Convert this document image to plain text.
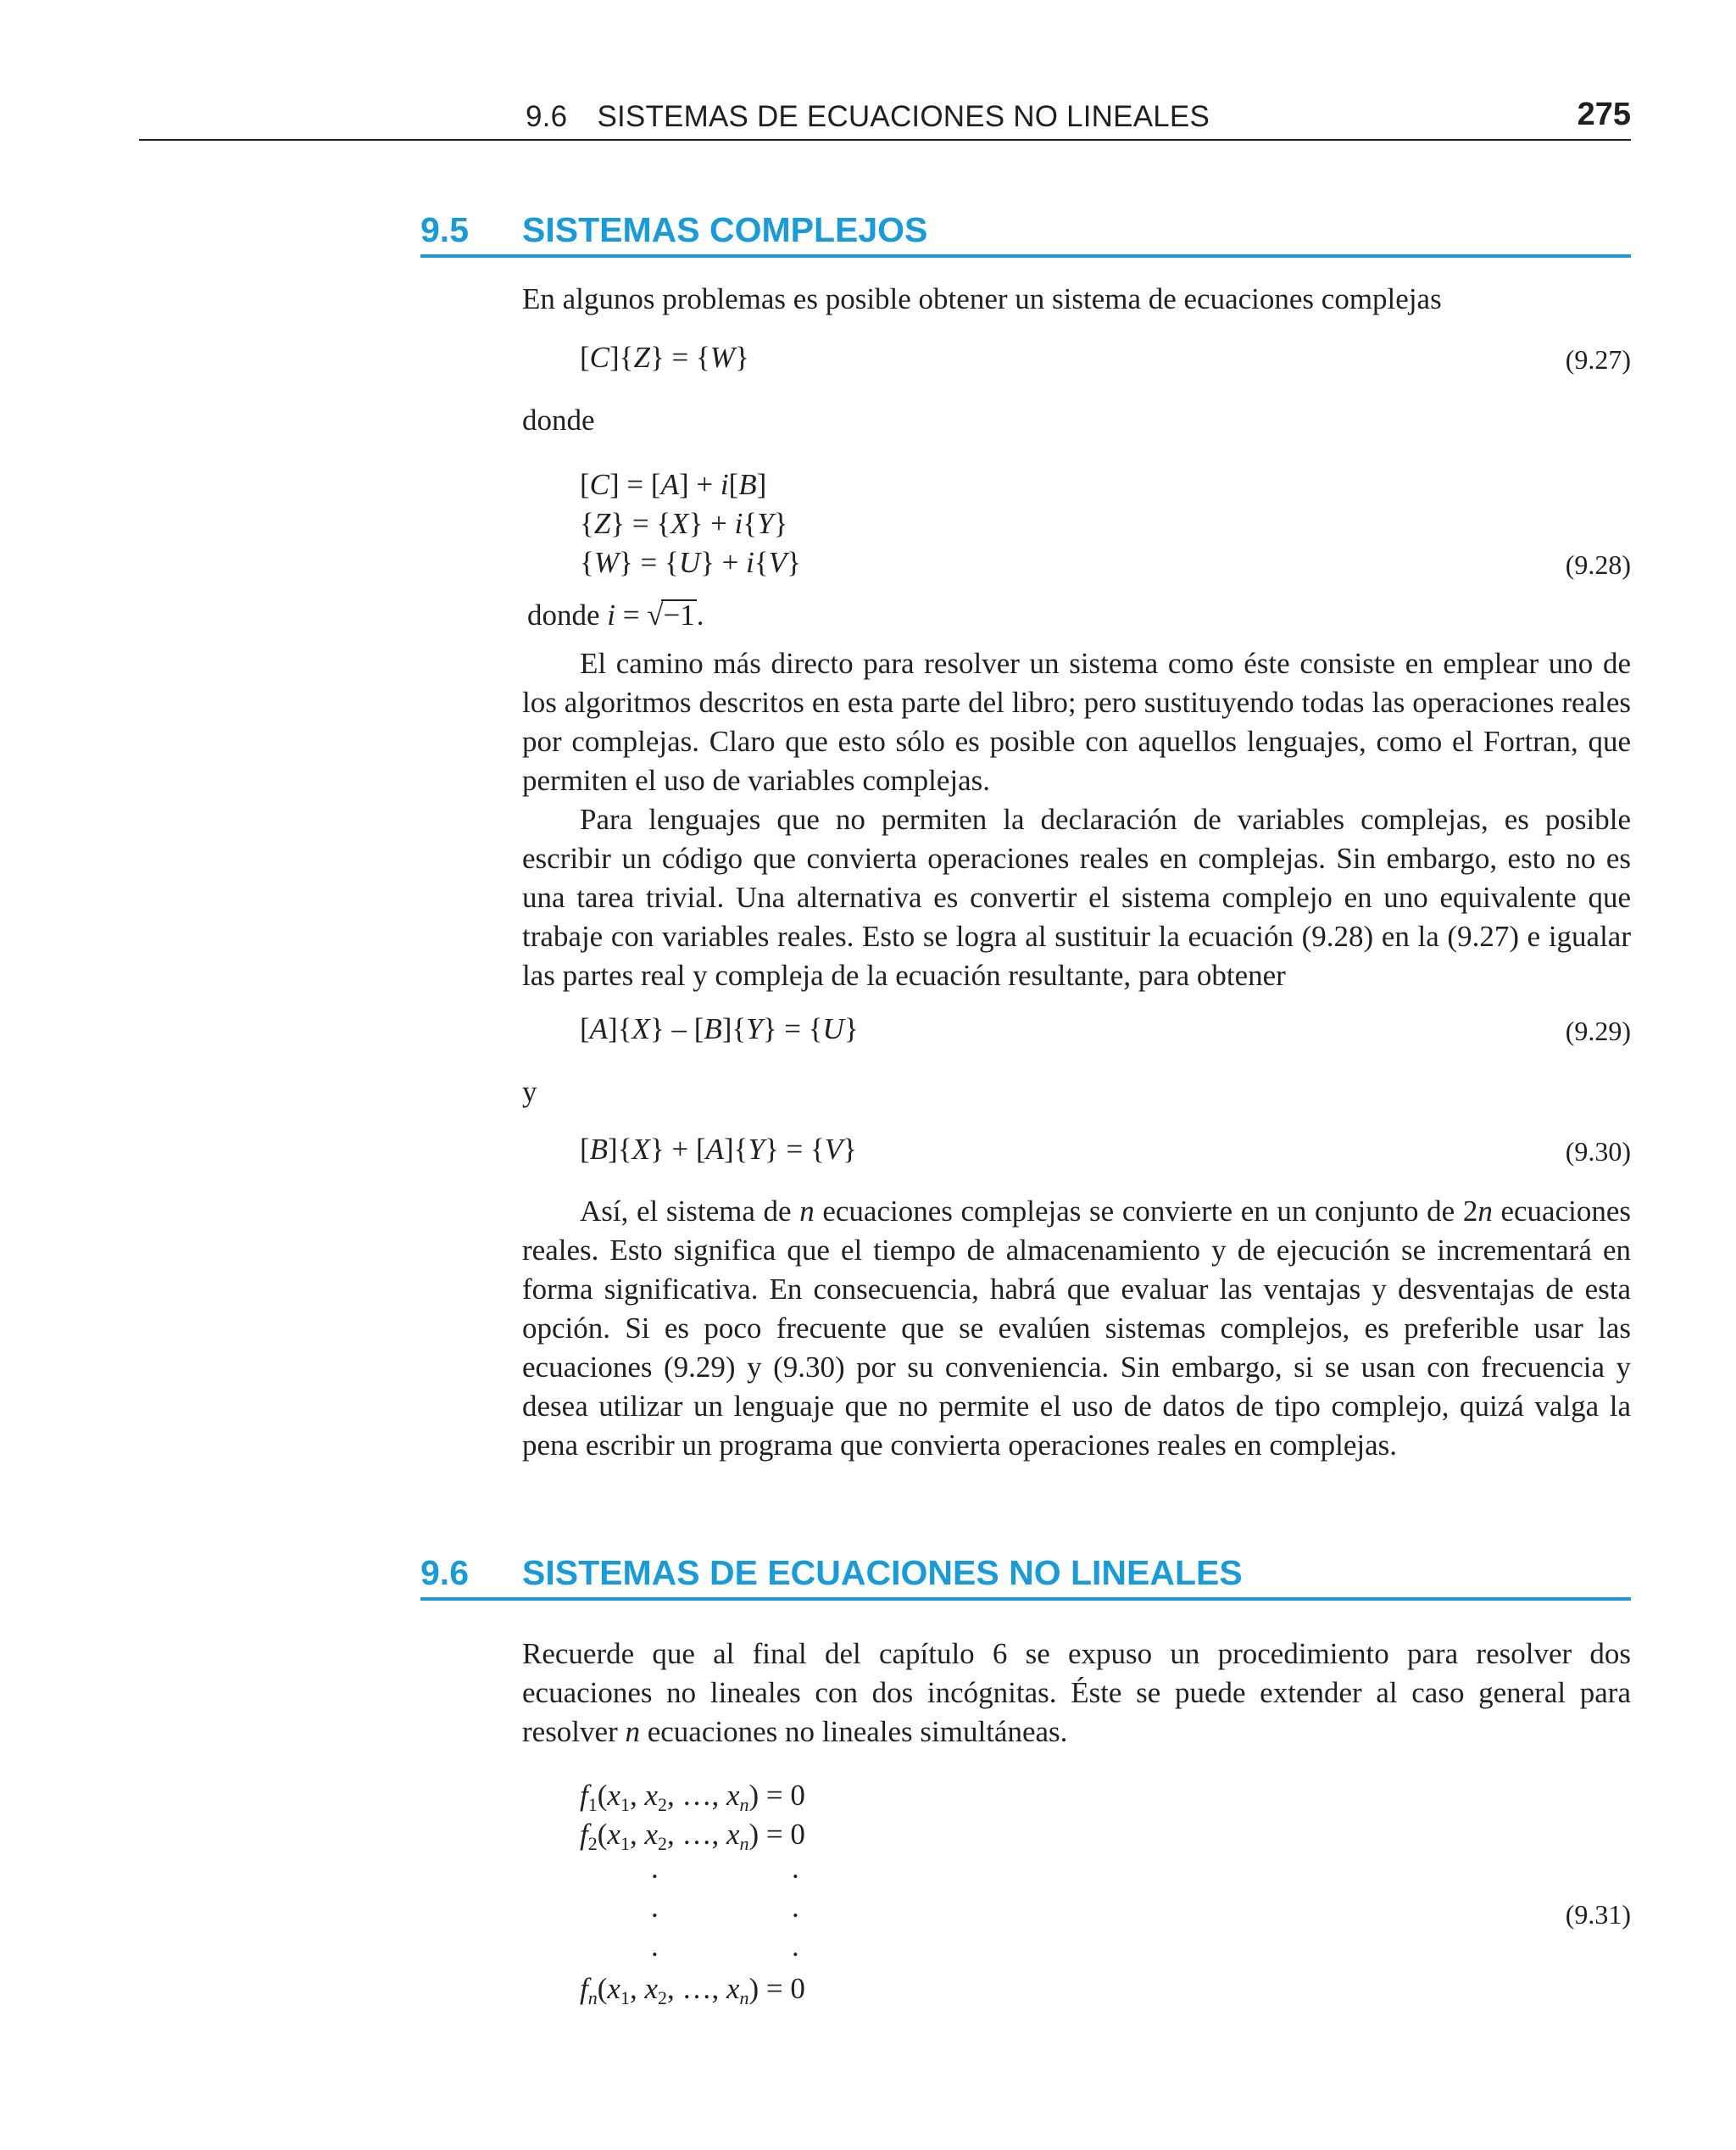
9.6 SISTEMAS DE ECUACIONES NO LINEALES	275
9.5 SISTEMAS COMPLEJOS

En algunos problemas es posible obtener un sistema de ecuaciones complejas

[C]{Z} = {W}	(9.27)
donde
[C] = [A] + i[B]
{Z} = {X} + i{Y}
{W} = {U} + i{V}	(9.28)
donde i = √−1.

El camino más directo para resolver un sistema como éste consiste en emplear uno de los algoritmos descritos en esta parte del libro; pero sustituyendo todas las operaciones reales por complejas. Claro que esto sólo es posible con aquellos lenguajes, como el Fortran, que permiten el uso de variables complejas.

Para lenguajes que no permiten la declaración de variables complejas, es posible escribir un código que convierta operaciones reales en complejas. Sin embargo, esto no es una tarea trivial. Una alternativa es convertir el sistema complejo en uno equivalente que trabaje con variables reales. Esto se logra al sustituir la ecuación (9.28) en la (9.27) e igualar las partes real y compleja de la ecuación resultante, para obtener

[A]{X} – [B]{Y} = {U}	(9.29)
y
[B]{X} + [A]{Y} = {V}	(9.30)

Así, el sistema de n ecuaciones complejas se convierte en un conjunto de 2n ecuaciones reales. Esto significa que el tiempo de almacenamiento y de ejecución se incrementará en forma significativa. En consecuencia, habrá que evaluar las ventajas y desventajas de esta opción. Si es poco frecuente que se evalúen sistemas complejos, es preferible usar las ecuaciones (9.29) y (9.30) por su conveniencia. Sin embargo, si se usan con frecuencia y desea utilizar un lenguaje que no permite el uso de datos de tipo complejo, quizá valga la pena escribir un programa que convierta operaciones reales en complejas.

9.6 SISTEMAS DE ECUACIONES NO LINEALES

Recuerde que al final del capítulo 6 se expuso un procedimiento para resolver dos ecuaciones no lineales con dos incógnitas. Éste se puede extender al caso general para resolver n ecuaciones no lineales simultáneas.

$f_1(x_1$, $x_2$, …, $x_n) = 0$
$f_2(x_1$, $x_2$, …, $x_n) = 0$
.	.
.	.
.	.
(9.31)
$f_n(x_1$, $x_2$, …, $x_n) = 0$
